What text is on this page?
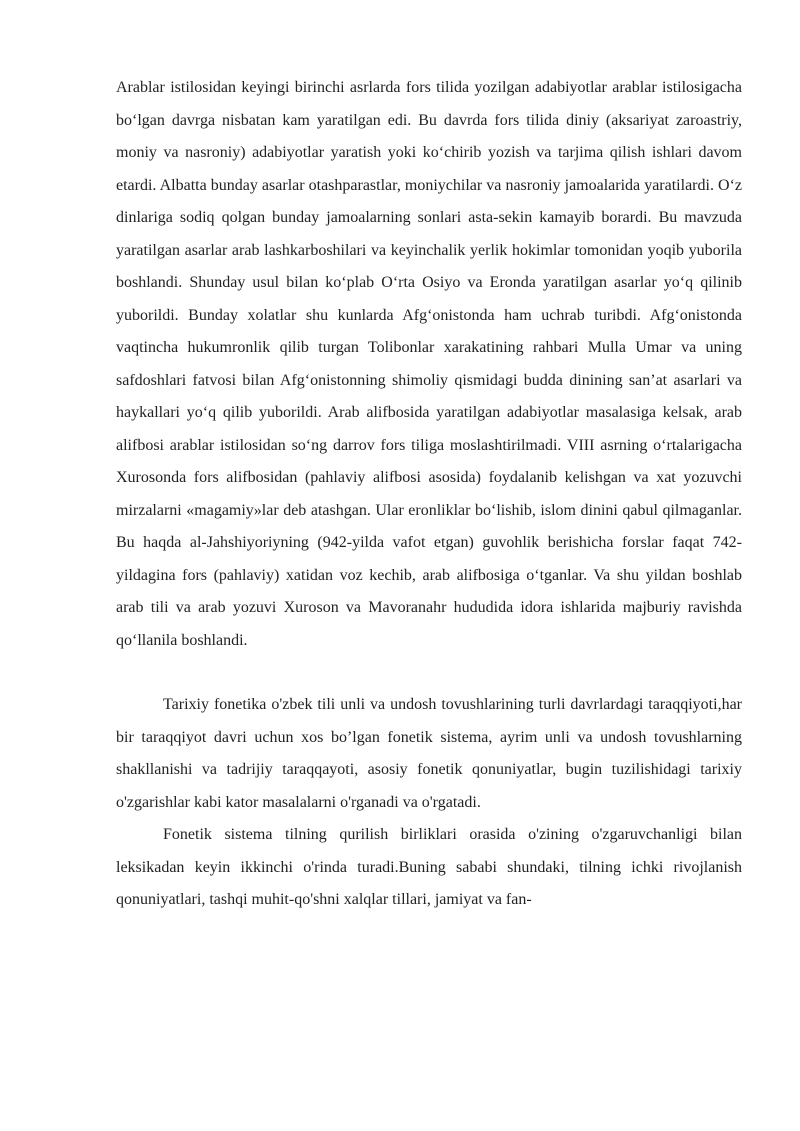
Arablar istilosidan keyingi birinchi asrlarda fors tilida yozilgan adabiyotlar arablar istilosigacha bo‘lgan davrga nisbatan kam yaratilgan edi. Bu davrda fors tilida diniy (aksariyat zaroastriy, moniy va nasroniy) adabiyotlar yaratish yoki ko‘chirib yozish va tarjima qilish ishlari davom etardi. Albatta bunday asarlar otashparastlar, moniychilar va nasroniy jamoalarida yaratilardi. O‘z dinlariga sodiq qolgan bunday jamoalarning sonlari asta-sekin kamayib borardi. Bu mavzuda yaratilgan asarlar arab lashkarboshilari va keyinchalik yerlik hokimlar tomonidan yoqib yuborila boshlandi. Shunday usul bilan ko‘plab O‘rta Osiyo va Eronda yaratilgan asarlar yo‘q qilinib yuborildi. Bunday xolatlar shu kunlarda Afg‘onistonda ham uchrab turibdi. Afg‘onistonda vaqtincha hukumronlik qilib turgan Tolibonlar xarakatining rahbari Mulla Umar va uning safdoshlari fatvosi bilan Afg‘onistonning shimoliy qismidagi budda dinining san’at asarlari va haykallari yo‘q qilib yuborildi. Arab alifbosida yaratilgan adabiyotlar masalasiga kelsak, arab alifbosi arablar istilosidan so‘ng darrov fors tiliga moslashtirilmadi. VIII asrning o‘rtalarigacha Xurosonda fors alifbosidan (pahlaviy alifbosi asosida) foydalanib kelishgan va xat yozuvchi mirzalarni «magamiy»lar deb atashgan. Ular eronliklar bo‘lishib, islom dinini qabul qilmaganlar. Bu haqda al-Jahshiyoriyning (942-yilda vafot etgan) guvohlik berishicha forslar faqat 742-yildagina fors (pahlaviy) xatidan voz kechib, arab alifbosiga o‘tganlar. Va shu yildan boshlab arab tili va arab yozuvi Xuroson va Mavoranahr hududida idora ishlarida majburiy ravishda qo‘llanila boshlandi.

Tarixiy fonetika o'zbek tili unli va undosh tovushlarining turli davrlardagi taraqqiyoti,har bir taraqqiyot davri uchun xos bo’lgan fonetik sistema, ayrim unli va undosh tovushlarning shakllanishi va tadrijiy taraqqayoti, asosiy fonetik qonuniyatlar, bugin tuzilishidagi tarixiy o'zgarishlar kabi kator masalalarni o'rganadi va o'rgatadi.

Fonetik sistema tilning qurilish birliklari orasida o'zining o'zgaruvchanligi bilan leksikadan keyin ikkinchi o'rinda turadi.Buning sababi shundaki, tilning ichki rivojlanish qonuniyatlari, tashqi muhit-qo'shni xalqlar tillari, jamiyat va fan-
